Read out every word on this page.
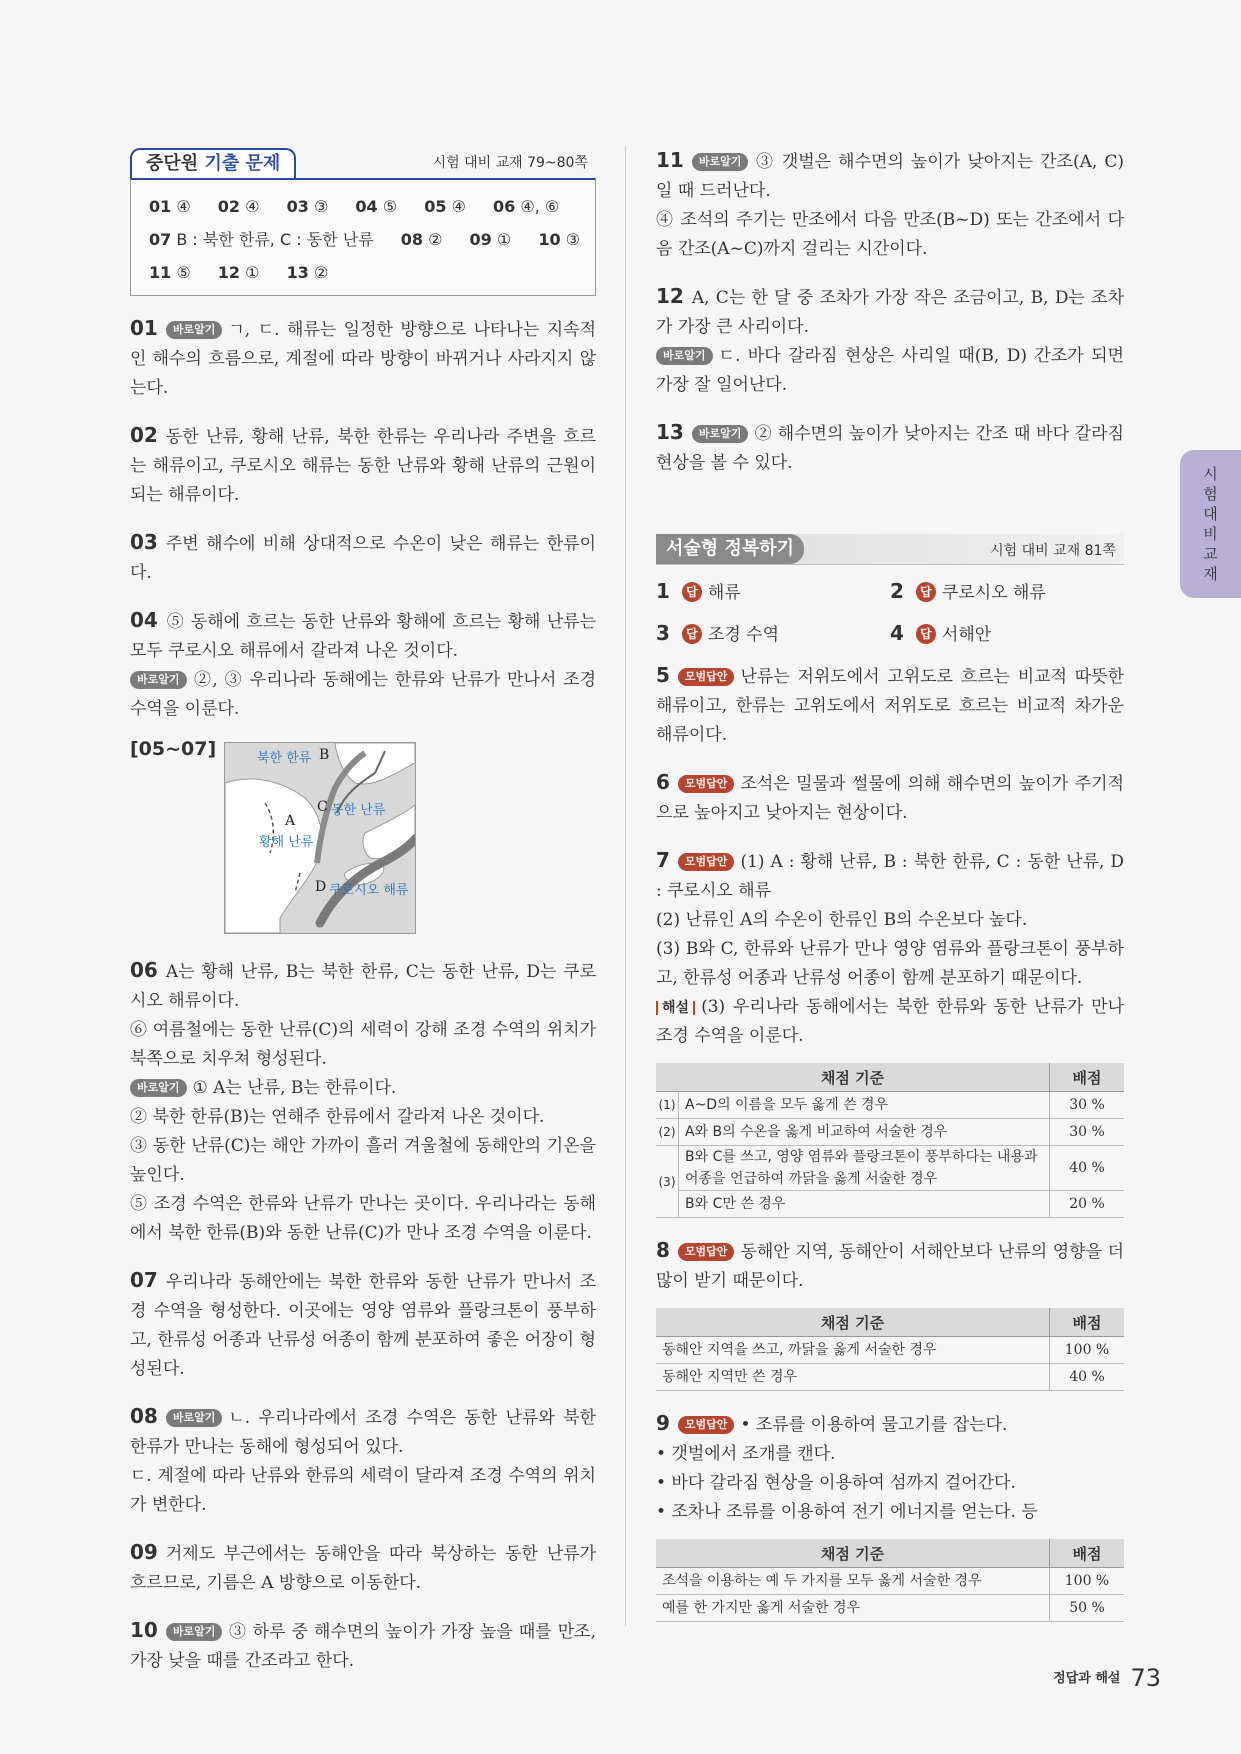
중단원 기출 문제	시험 대비 교재 79~80쪽
01 ④ 02 ④ 03 ③ 04 ⑤ 05 ④ 06 ④, ⑥
07 B : 북한 한류, C : 동한 난류 08 ② 09 ① 10 ③
11 ⑤ 12 ① 13 ②

01 바로알기 ㄱ, ㄷ. 해류는 일정한 방향으로 나타나는 지속적인 해수의 흐름으로, 계절에 따라 방향이 바뀌거나 사라지지 않는다.

02 동한 난류, 황해 난류, 북한 한류는 우리나라 주변을 흐르는 해류이고, 쿠로시오 해류는 동한 난류와 황해 난류의 근원이 되는 해류이다.

03 주변 해수에 비해 상대적으로 수온이 낮은 해류는 한류이다.

04 ⑤ 동해에 흐르는 동한 난류와 황해에 흐르는 황해 난류는 모두 쿠로시오 해류에서 갈라져 나온 것이다.

바로알기 ②, ③ 우리나라 동해에는 한류와 난류가 만나서 조경 수역을 이룬다.

[05~07]	북한 한류 B
C 동한 난류
A
황해 난류
D 쿠로시오 해류

06 A는 황해 난류, B는 북한 한류, C는 동한 난류, D는 쿠로시오 해류이다.

⑥ 여름철에는 동한 난류(C)의 세력이 강해 조경 수역의 위치가 북쪽으로 치우쳐 형성된다.

바로알기 ① A는 난류, B는 한류이다.

② 북한 한류(B)는 연해주 한류에서 갈라져 나온 것이다.

③ 동한 난류(C)는 해안 가까이 흘러 겨울철에 동해안의 기온을 높인다.

⑤ 조경 수역은 한류와 난류가 만나는 곳이다. 우리나라는 동해에서 북한 한류(B)와 동한 난류(C)가 만나 조경 수역을 이룬다.

07 우리나라 동해안에는 북한 한류와 동한 난류가 만나서 조경 수역을 형성한다. 이곳에는 영양 염류와 플랑크톤이 풍부하고, 한류성 어종과 난류성 어종이 함께 분포하여 좋은 어장이 형성된다.

08 바로알기 ㄴ. 우리나라에서 조경 수역은 동한 난류와 북한 한류가 만나는 동해에 형성되어 있다.

ㄷ. 계절에 따라 난류와 한류의 세력이 달라져 조경 수역의 위치가 변한다.

09 거제도 부근에서는 동해안을 따라 북상하는 동한 난류가 흐르므로, 기름은 A 방향으로 이동한다.

10 바로알기 ③ 하루 중 해수면의 높이가 가장 높을 때를 만조, 가장 낮을 때를 간조라고 한다.

11 바로알기 ③ 갯벌은 해수면의 높이가 낮아지는 간조(A, C)일 때 드러난다.

④ 조석의 주기는 만조에서 다음 만조(B~D) 또는 간조에서 다음 간조(A~C)까지 걸리는 시간이다.

12 A, C는 한 달 중 조차가 가장 작은 조금이고, B, D는 조차가 가장 큰 사리이다.

바로알기 ㄷ. 바다 갈라짐 현상은 사리일 때(B, D) 간조가 되면 가장 잘 일어난다.

13 바로알기 ② 해수면의 높이가 낮아지는 간조 때 바다 갈라짐 현상을 볼 수 있다.

서술형 정복하기	시험 대비 교재 81쪽
1 답 해류	2 답 쿠로시오 해류
3 답 조경 수역	4 답 서해안

5 모범답안 난류는 저위도에서 고위도로 흐르는 비교적 따뜻한 해류이고, 한류는 고위도에서 저위도로 흐르는 비교적 차가운 해류이다.

6 모범답안 조석은 밀물과 썰물에 의해 해수면의 높이가 주기적으로 높아지고 낮아지는 현상이다.

7 모범답안 (1) A : 황해 난류, B : 북한 한류, C : 동한 난류, D : 쿠로시오 해류

(2) 난류인 A의 수온이 한류인 B의 수온보다 높다.

(3) B와 C, 한류와 난류가 만나 영양 염류와 플랑크톤이 풍부하고, 한류성 어종과 난류성 어종이 함께 분포하기 때문이다.

해설 (3) 우리나라 동해에서는 북한 한류와 동한 난류가 만나 조경 수역을 이룬다.

채점 기준		배점
(1)	A~D의 이름을 모두 옳게 쓴 경우	30 %
(2)	A와 B의 수온을 옳게 비교하여 서술한 경우	30 %
(3)	B와 C를 쓰고, 영양 염류와 플랑크톤이 풍부하다는 내용과 어종을 언급하여 까닭을 옳게 서술한 경우	40 %
	B와 C만 쓴 경우	20 %

8 모범답안 동해안 지역, 동해안이 서해안보다 난류의 영향을 더 많이 받기 때문이다.

채점 기준	배점
동해안 지역을 쓰고, 까닭을 옳게 서술한 경우	100 %
동해안 지역만 쓴 경우	40 %

9 모범답안 • 조류를 이용하여 물고기를 잡는다.

• 갯벌에서 조개를 캔다.

• 바다 갈라짐 현상을 이용하여 섬까지 걸어간다.

• 조차나 조류를 이용하여 전기 에너지를 얻는다. 등

채점 기준	배점
조석을 이용하는 예 두 가지를 모두 옳게 서술한 경우	100 %
예를 한 가지만 옳게 서술한 경우	50 %
시
험
대
비
교
재
$^{정답과 해설}$ 73
